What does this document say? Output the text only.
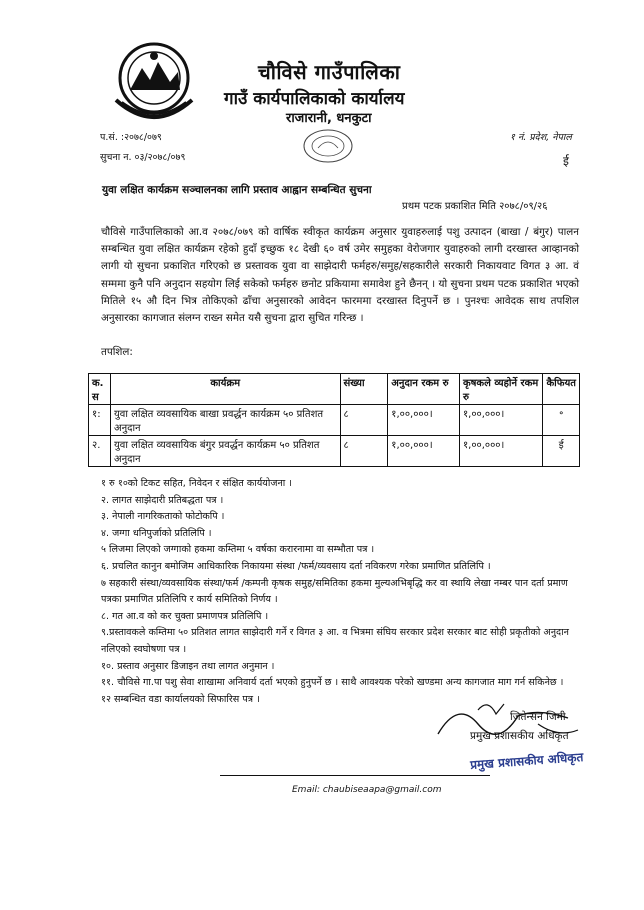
चौविसे गाउँपालिका
गाउँ कार्यपालिकाको कार्यालय
राजारानी, धनकुटा
प.सं. :२०७८/०७९
सुचना न. ०३/२०७८/०७९
१ नं. प्रदेश, नेपाल
ई
युवा लक्षित कार्यक्रम सञ्चालनका लागि प्रस्ताव आह्वान सम्बन्धित सुचना
प्रथम पटक प्रकाशित मिति २०७८/०९/२६
चौविसे गाउँपालिकाको आ.व २०७८/०७९ को वार्षिक स्वीकृत कार्यक्रम अनुसार युवाहरुलाई पशु उत्पादन (बाखा / बंगुर) पालन सम्बन्धित युवा लक्षित कार्यक्रम रहेको हुदाँ इच्छुक १८ देखी ६० वर्ष उमेर समुहका वेरोजगार युवाहरुको लागी दरखास्त आव्हानको लागी यो सुचना प्रकाशित गरिएको छ प्रस्तावक युवा वा साझेदारी फर्महरु/समुह/सहकारीले सरकारी निकायवाट विगत ३ आ. वं सम्ममा कुनै पनि अनुदान सहयोग लिई सकेको फर्महरु छनोट प्रकियामा समावेश हुने छैनन् । यो सुचना प्रथम पटक प्रकाशित भएको मितिले १५ औ दिन भित्र तोकिएको ढाँचा अनुसारको आवेदन फारममा दरखास्त दिनुपर्ने छ । पुनश्चः आवेदक साथ तपशिल अनुसारका कागजात संलग्न राख्न समेत यसै सुचना द्वारा सुचित गरिन्छ ।
तपशिल:
क. स	कार्यक्रम	संख्या	अनुदान रकम रु	कृषकले व्यहोर्ने रकम रु	कैफियत
१:	युवा लक्षित व्यवसायिक बाखा प्रवर्द्धन कार्यक्रम ५० प्रतिशत अनुदान	८	१,००,०००।	१,००,०००।	॰
२.	युवा लक्षित व्यवसायिक बंगुर प्रवर्द्धन कार्यक्रम ५० प्रतिशत अनुदान	८	१,००,०००।	१,००,०००।	ई
१ रु १०को टिकट सहित, निवेदन र संक्षित कार्ययोजना ।
२. लागत साझेदारी प्रतिबद्धता पत्र ।
३. नेपाली नागरिकताको फोटोकपि ।
४. जग्गा धनिपुर्जाको प्रतिलिपि ।
५ लिजमा लिएको जग्गाको हकमा कम्तिमा ५ वर्षका करारनामा वा सम्भौता पत्र ।
६. प्रचलित कानुन बमोजिम आधिकारिक निकायमा संस्था /फर्म/व्यवसाय दर्ता नविकरण गरेका प्रमाणित प्रतिलिपि ।
७ सहकारी संस्था/व्यवसायिक संस्था/फर्म /कम्पनी कृषक समुह/समितिका हकमा मुल्यअभिबृद्धि कर वा स्थायि लेखा नम्बर पान दर्ता प्रमाण पत्रका प्रमाणित प्रतिलिपि र कार्य समितिको निर्णय ।
८. गत आ.व को कर चुक्ता प्रमाणपत्र प्रतिलिपि ।
९.प्रस्तावकले कम्तिमा ५० प्रतिशत लागत साझेदारी गर्ने र विगत ३ आ. व भित्रमा संघिय सरकार प्रदेश सरकार बाट सोही प्रकृतीको अनुदान नलिएको स्वघोषणा पत्र ।
१०. प्रस्ताव अनुसार डिजाइन तथा लागत अनुमान ।
११. चौविसे गा.पा पशु सेवा शाखामा अनिवार्य दर्ता भएको हुनुपर्ने छ । साथै आवश्यक परेको खण्डमा अन्य कागजात माग गर्न सकिनेछ ।
१२ सम्बन्धित वडा कार्यालयको सिफारिस पत्र ।
जितेन्सन जिमी
प्रमुख प्रशासकीय अधिकृत
प्रमुख प्रशासकीय अधिकृत
Email: chaubiseaapa@gmail.com
